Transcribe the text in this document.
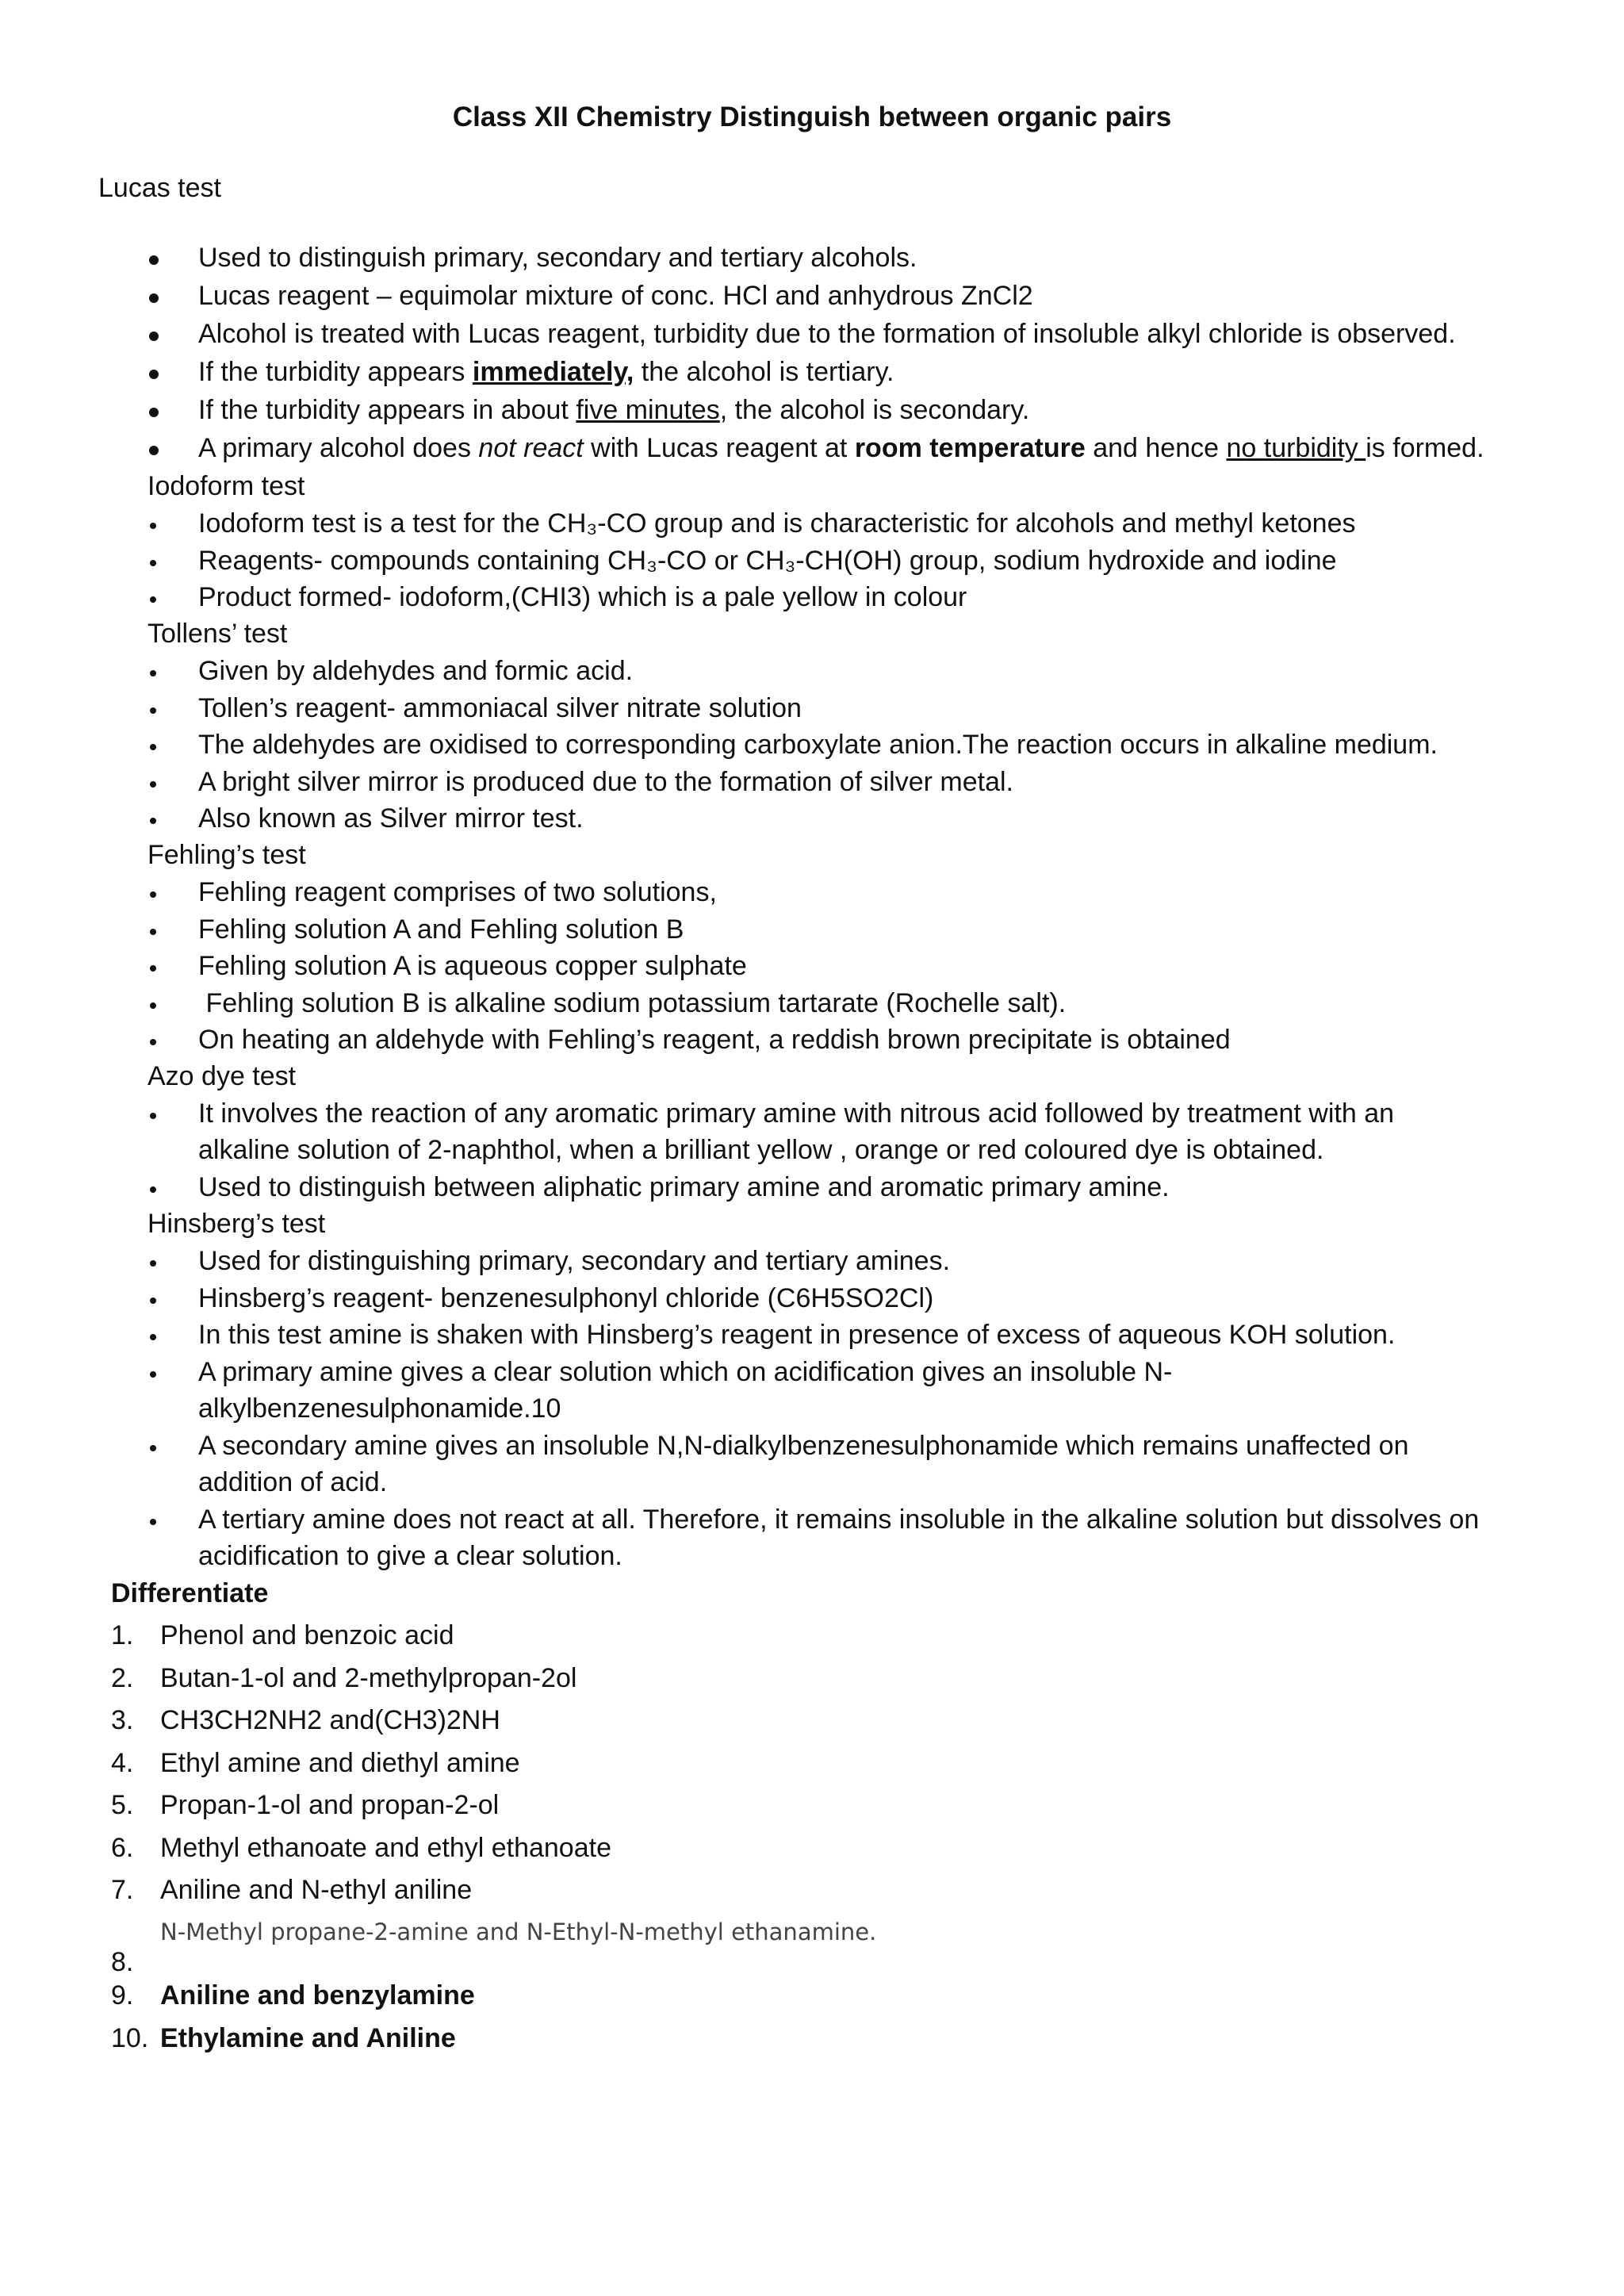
Class XII Chemistry Distinguish between organic pairs
Lucas test
Used to distinguish primary, secondary and tertiary alcohols.
Lucas reagent – equimolar mixture of conc. HCl and anhydrous ZnCl2
Alcohol is treated with Lucas reagent, turbidity due to the formation of insoluble alkyl chloride is observed.
If the turbidity appears immediately, the alcohol is tertiary.
If the turbidity appears in about five minutes, the alcohol is secondary.
A primary alcohol does not react with Lucas reagent at room temperature and hence no turbidity is formed.
Iodoform test
Iodoform test is a test for the CH₃-CO group and is characteristic for alcohols and methyl ketones
Reagents- compounds containing CH₃-CO or CH₃-CH(OH) group, sodium hydroxide and iodine
Product formed- iodoform,(CHI3) which is a pale yellow in colour
Tollens’ test
Given by aldehydes and formic acid.
Tollen’s reagent- ammoniacal silver nitrate solution
The aldehydes are oxidised to corresponding carboxylate anion.The reaction occurs in alkaline medium.
A bright silver mirror is produced due to the formation of silver metal.
Also known as Silver mirror test.
Fehling’s test
Fehling reagent comprises of two solutions,
Fehling solution A and Fehling solution B
Fehling solution A is aqueous copper sulphate
Fehling solution B is alkaline sodium potassium tartarate (Rochelle salt).
On heating an aldehyde with Fehling’s reagent, a reddish brown precipitate is obtained
Azo dye test
It involves the reaction of any aromatic primary amine with nitrous acid followed by treatment with an
alkaline solution of 2-naphthol, when a brilliant yellow , orange or red coloured dye is obtained.
Used to distinguish between aliphatic primary amine and aromatic primary amine.
Hinsberg’s test
Used for distinguishing primary, secondary and tertiary amines.
Hinsberg’s reagent- benzenesulphonyl chloride (C6H5SO2Cl)
In this test amine is shaken with Hinsberg’s reagent in presence of excess of aqueous KOH solution.
A primary amine gives a clear solution which on acidification gives an insoluble N-
alkylbenzenesulphonamide.10
A secondary amine gives an insoluble N,N-dialkylbenzenesulphonamide which remains unaffected on
addition of acid.
A tertiary amine does not react at all. Therefore, it remains insoluble in the alkaline solution but dissolves on
acidification to give a clear solution.
Differentiate
1. Phenol and benzoic acid
2. Butan-1-ol and 2-methylpropan-2ol
3. CH3CH2NH2 and(CH3)2NH
4. Ethyl amine and diethyl amine
5. Propan-1-ol and propan-2-ol
6. Methyl ethanoate and ethyl ethanoate
7. Aniline and N-ethyl aniline
N-Methyl propane-2-amine and N-Ethyl-N-methyl ethanamine.
8.
9. Aniline and benzylamine
10. Ethylamine and Aniline
